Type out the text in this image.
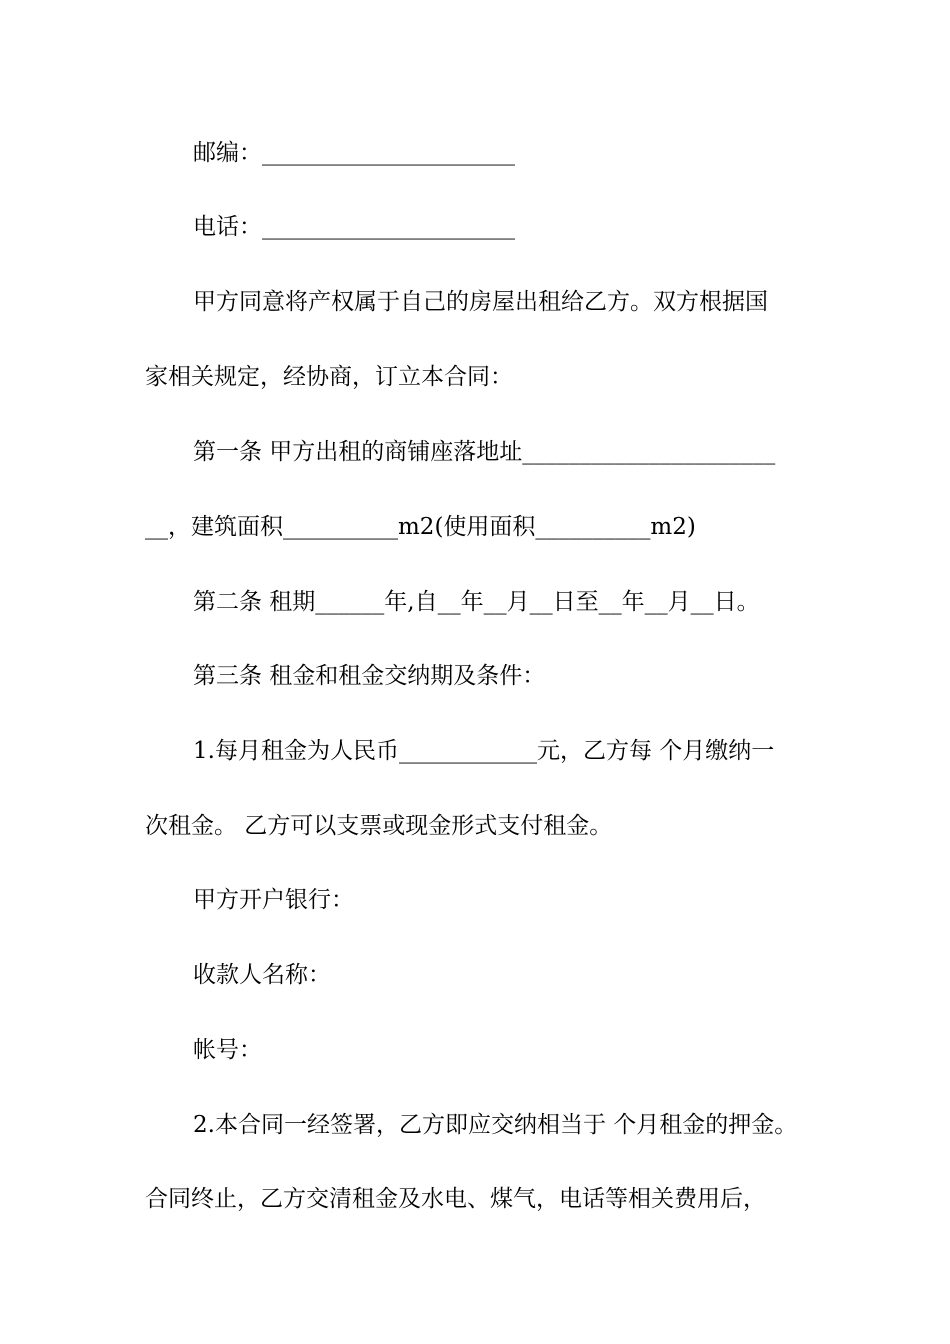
邮编：______________________
电话：______________________
甲方同意将产权属于自己的房屋出租给乙方。双方根据国
家相关规定，经协商，订立本合同：
第一条 甲方出租的商铺座落地址______________________
__，建筑面积__________m2(使用面积__________m2)
第二条 租期______年,自__年__月__日至__年__月__日。
第三条 租金和租金交纳期及条件：
1.每月租金为人民币____________元，乙方每 个月缴纳一
次租金。 乙方可以支票或现金形式支付租金。
甲方开户银行：
收款人名称：
帐号：
2.本合同一经签署，乙方即应交纳相当于 个月租金的押金。
合同终止，乙方交清租金及水电、煤气，电话等相关费用后，
